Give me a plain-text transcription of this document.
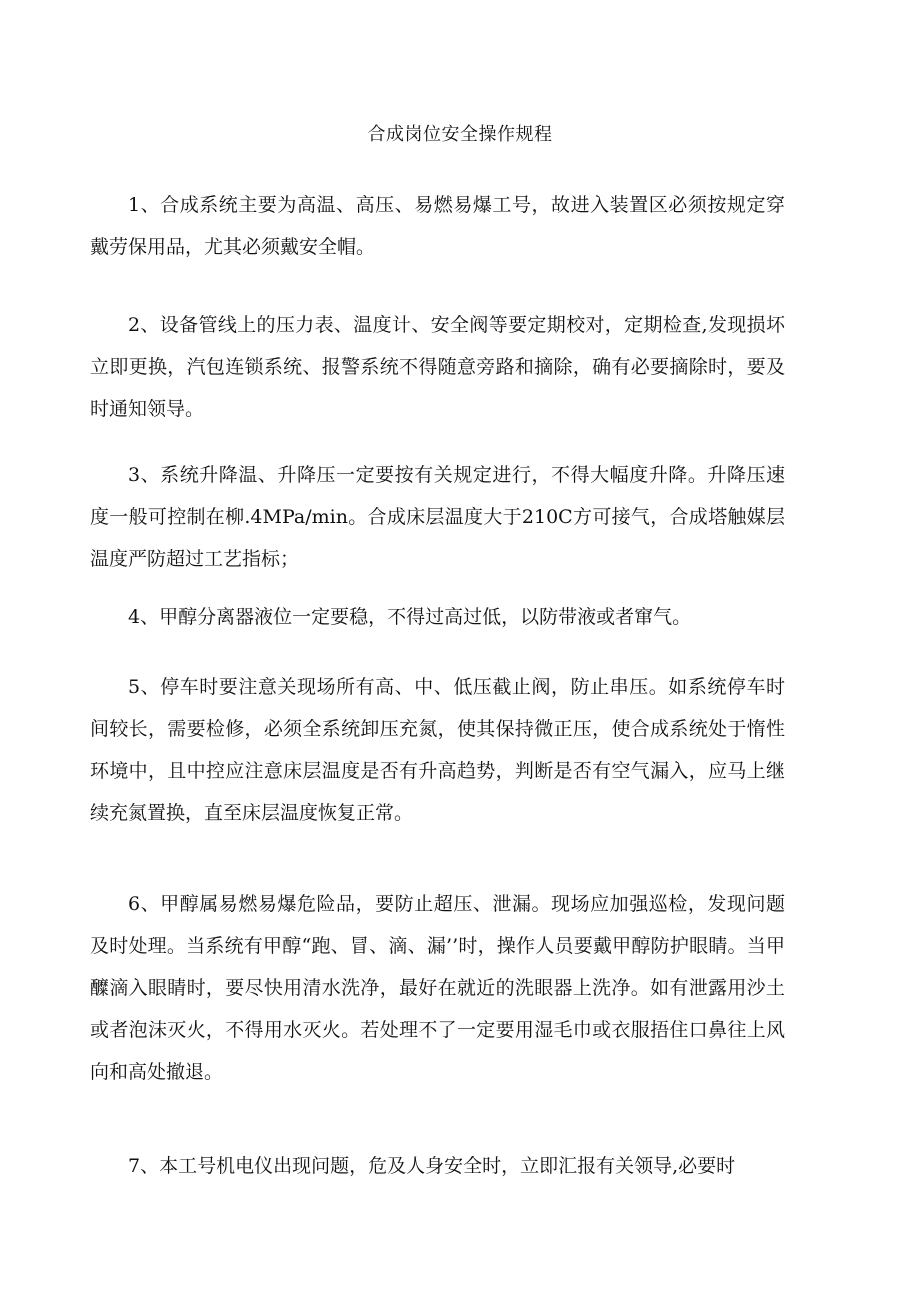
合成岗位安全操作规程

1、合成系统主要为高温、高压、易燃易爆工号，故进入装置区必须按规定穿戴劳保用品，尤其必须戴安全帽。

2、设备管线上的压力表、温度计、安全阀等要定期校对，定期检查,发现损坏立即更换，汽包连锁系统、报警系统不得随意旁路和摘除，确有必要摘除时，要及时通知领导。

3、系统升降温、升降压一定要按有关规定进行，不得大幅度升降。升降压速度一般可控制在柳.4MPa/min。合成床层温度大于210C方可接气，合成塔触媒层温度严防超过工艺指标；

4、甲醇分离器液位一定要稳，不得过高过低，以防带液或者窜气。

5、停车时要注意关现场所有高、中、低压截止阀，防止串压。如系统停车时间较长，需要检修，必须全系统卸压充氮，使其保持微正压，使合成系统处于惰性环境中，且中控应注意床层温度是否有升高趋势，判断是否有空气漏入，应马上继续充氮置换，直至床层温度恢复正常。

6、甲醇属易燃易爆危险品，要防止超压、泄漏。现场应加强巡检，发现问题及时处理。当系统有甲醇“跑、冒、滴、漏’’时，操作人员要戴甲醇防护眼睛。当甲醾滴入眼睛时，要尽快用清水洗净，最好在就近的洗眼器上洗净。如有泄露用沙土或者泡沫灭火，不得用水灭火。若处理不了一定要用湿毛巾或衣服捂住口鼻往上风向和高处撤退。

7、本工号机电仪出现问题，危及人身安全时，立即汇报有关领导,必要时
